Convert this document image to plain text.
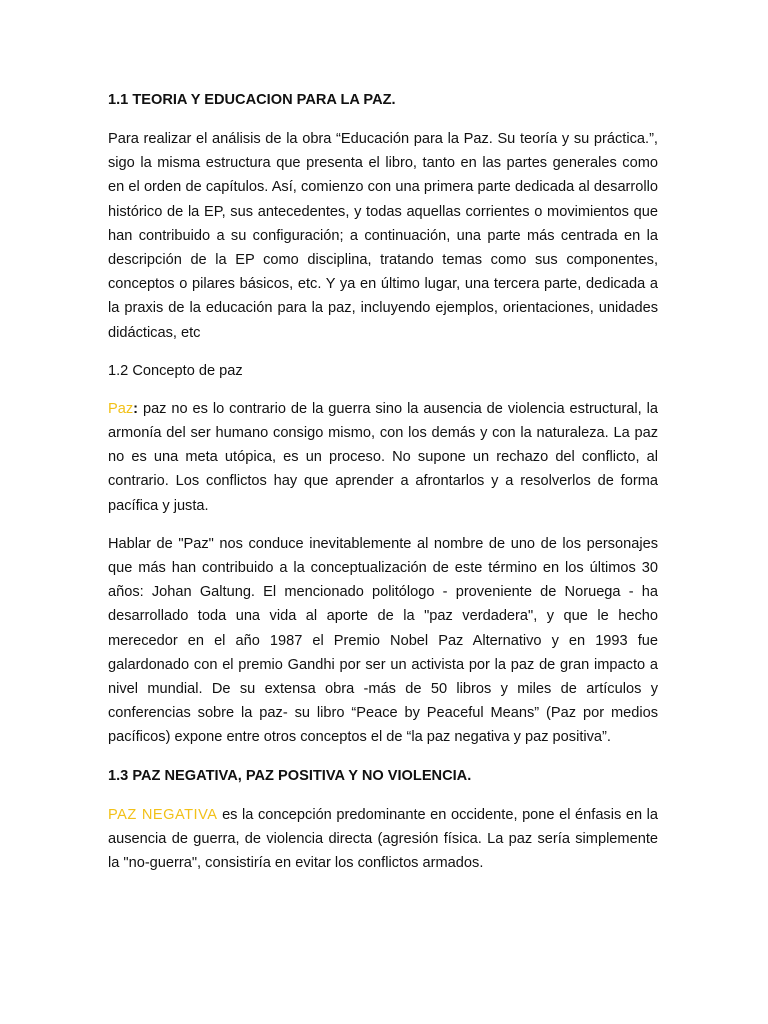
1.1 TEORIA Y EDUCACION PARA LA PAZ.

Para realizar el análisis de la obra “Educación para la Paz. Su teoría y su práctica.”, sigo la misma estructura que presenta el libro, tanto en las partes generales como en el orden de capítulos. Así, comienzo con una primera parte dedicada al desarrollo histórico de la EP, sus antecedentes, y todas aquellas corrientes o movimientos que han contribuido a su configuración; a continuación, una parte más centrada en la descripción de la EP como disciplina, tratando temas como sus componentes, conceptos o pilares básicos, etc. Y ya en último lugar, una tercera parte, dedicada a la praxis de la educación para la paz, incluyendo ejemplos, orientaciones, unidades didácticas, etc

1.2 Concepto de paz

Paz: paz no es lo contrario de la guerra sino la ausencia de violencia estructural, la armonía del ser humano consigo mismo, con los demás y con la naturaleza. La paz no es una meta utópica, es un proceso. No supone un rechazo del conflicto, al contrario. Los conflictos hay que aprender a afrontarlos y a resolverlos de forma pacífica y justa.

Hablar de "Paz" nos conduce inevitablemente al nombre de uno de los personajes que más han contribuido a la conceptualización de este término en los últimos 30 años: Johan Galtung. El mencionado politólogo - proveniente de Noruega - ha desarrollado toda una vida al aporte de la "paz verdadera", y que le hecho merecedor en el año 1987 el Premio Nobel Paz Alternativo y en 1993 fue galardonado con el premio Gandhi por ser un activista por la paz de gran impacto a nivel mundial. De su extensa obra -más de 50 libros y miles de artículos y conferencias sobre la paz- su libro “Peace by Peaceful Means” (Paz por medios pacíficos) expone entre otros conceptos el de “la paz negativa y paz positiva”.

1.3 PAZ NEGATIVA, PAZ POSITIVA Y NO VIOLENCIA.

PAZ NEGATIVA es la concepción predominante en occidente, pone el énfasis en la ausencia de guerra, de violencia directa (agresión física. La paz sería simplemente la "no-guerra", consistiría en evitar los conflictos armados.
